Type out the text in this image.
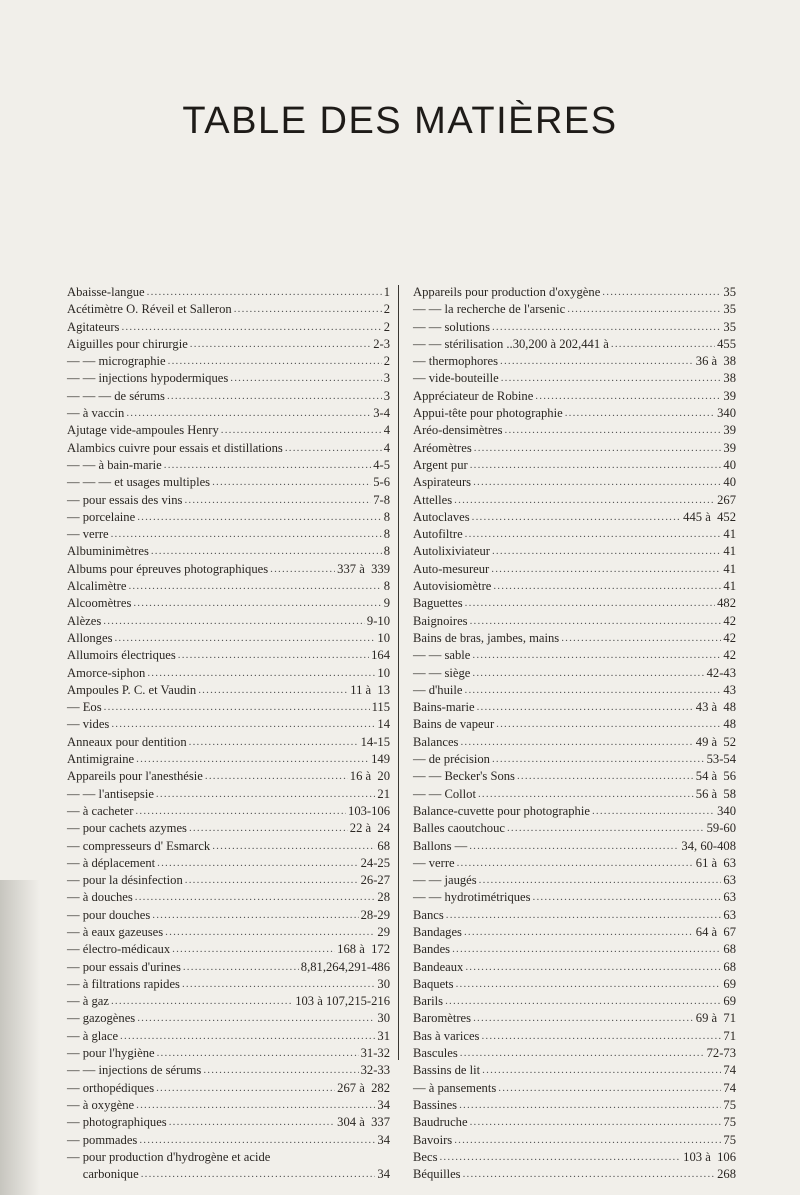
TABLE DES MATIÈRES
Abaisse-langue .....	1
Acétimètre O. Réveil et Salleron .....	2
Agitateurs .....	2
Aiguilles pour chirurgie .....	2-3
— — micrographie .....	2
— — injections hypodermiques .....	3
— — — de sérums .....	3
— à vaccin .....	3-4
Ajutage vide-ampoules Henry .....	4
Alambics cuivre pour essais et distillations .....	4
— — à bain-marie .....	4-5
— — — et usages multiples .....	5-6
— pour essais des vins .....	7-8
— porcelaine .....	8
— verre .....	8
Albuminimètres .....	8
Albums pour épreuves photographiques .....	337 à  339
Alcalimètre .....	8
Alcoomètres .....	9
Alèzes .....	9-10
Allonges .....	10
Allumoirs électriques .....	164
Amorce-siphon .....	10
Ampoules P. C. et Vaudin .....	11 à  13
— Eos .....	115
— vides .....	14
Anneaux pour dentition .....	14-15
Antimigraine .....	149
Appareils pour l'anesthésie .....	16 à  20
— — l'antisepsie .....	21
— à cacheter .....	103-106
— pour cachets azymes .....	22 à  24
— compresseurs d' Esmarck .....	68
— à déplacement .....	24-25
— pour la désinfection .....	26-27
— à douches .....	28
— pour douches .....	28-29
— à eaux gazeuses .....	29
— électro-médicaux .....	168 à  172
— pour essais d'urines .....	8,81,264,291-486
— à filtrations rapides .....	30
— à gaz .....	103 à 107,215-216
— gazogènes .....	30
— à glace .....	31
— pour l'hygiène .....	31-32
— — injections de sérums .....	32-33
— orthopédiques .....	267 à  282
— à oxygène .....	34
— photographiques .....	304 à  337
— pommades .....	34
— pour production d'hydrogène et acide
carbonique .....	34
Appareils pour production d'oxygène .....	35
— — la recherche de l'arsenic .....	35
— — solutions .....	35
— — stérilisation ..30,200 à 202,441 à .....	455
— thermophores .....	36 à  38
— vide-bouteille .....	38
Appréciateur de Robine .....	39
Appui-tête pour photographie .....	340
Aréo-densimètres .....	39
Aréomètres .....	39
Argent pur .....	40
Aspirateurs .....	40
Attelles .....	267
Autoclaves .....	445 à  452
Autofiltre .....	41
Autolixiviateur .....	41
Auto-mesureur .....	41
Autovisiomètre .....	41
Baguettes .....	482
Baignoires .....	42
Bains de bras, jambes, mains .....	42
— — sable .....	42
— — siège .....	42-43
— d'huile .....	43
Bains-marie .....	43 à  48
Bains de vapeur .....	48
Balances .....	49 à  52
— de précision .....	53-54
— — Becker's Sons .....	54 à  56
— — Collot .....	56 à  58
Balance-cuvette pour photographie .....	340
Balles caoutchouc .....	59-60
Ballons — .....	34, 60-408
— verre .....	61 à  63
— — jaugés .....	63
— — hydrotimétriques .....	63
Bancs .....	63
Bandages .....	64 à  67
Bandes .....	68
Bandeaux .....	68
Baquets .....	69
Barils .....	69
Baromètres .....	69 à  71
Bas à varices .....	71
Bascules .....	72-73
Bassins de lit .....	74
— à pansements .....	74
Bassines .....	75
Baudruche .....	75
Bavoirs .....	75
Becs .....	103 à  106
Béquilles .....	268
